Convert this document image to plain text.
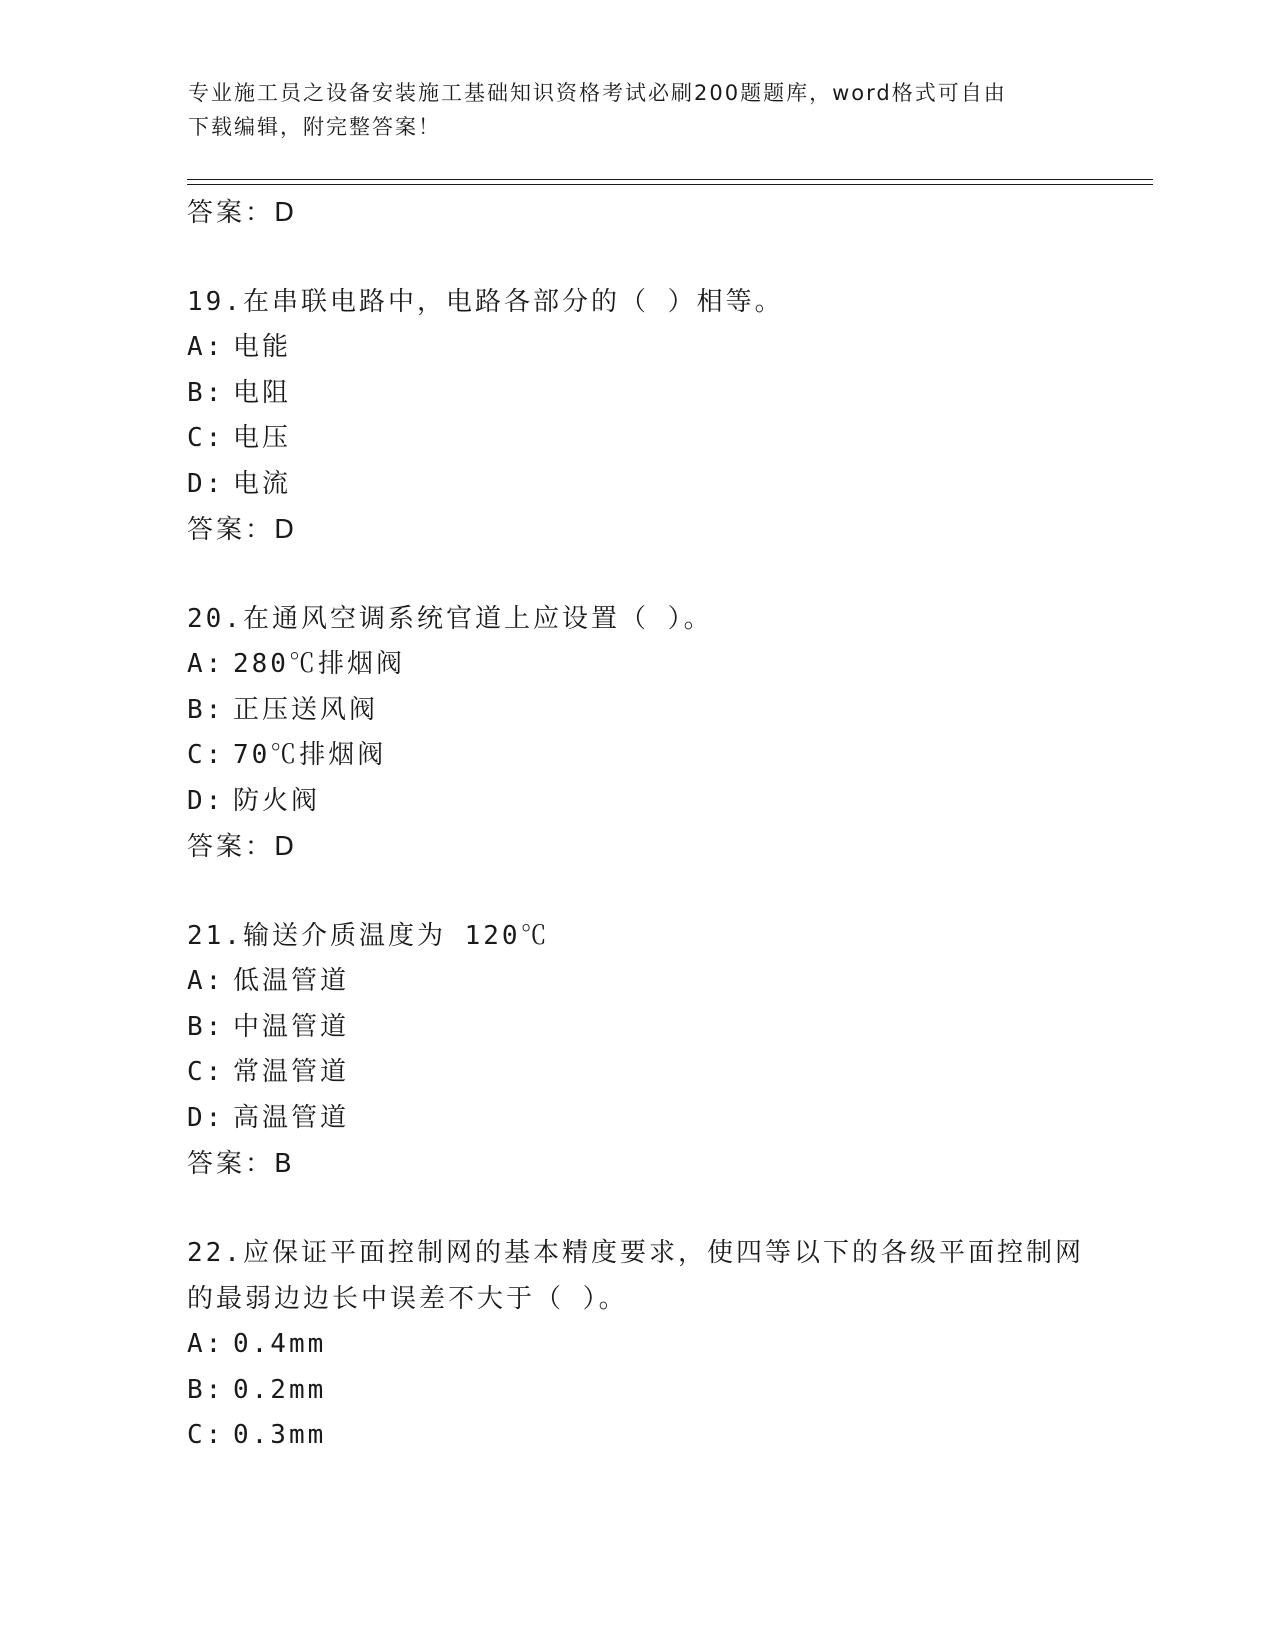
专业施工员之设备安装施工基础知识资格考试必刷200题题库，word格式可自由
下载编辑，附完整答案！
答案：D
19.在串联电路中，电路各部分的（ ）相等。
A: 电能
B: 电阻
C: 电压
D: 电流
答案：D
20.在通风空调系统官道上应设置（ ）。
A: 280℃排烟阀
B: 正压送风阀
C: 70℃排烟阀
D: 防火阀
答案：D
21.输送介质温度为 120℃
A: 低温管道
B: 中温管道
C: 常温管道
D: 高温管道
答案：B
22.应保证平面控制网的基本精度要求，使四等以下的各级平面控制网
的最弱边边长中误差不大于（ ）。
A: 0.4mm
B: 0.2mm
C: 0.3mm
